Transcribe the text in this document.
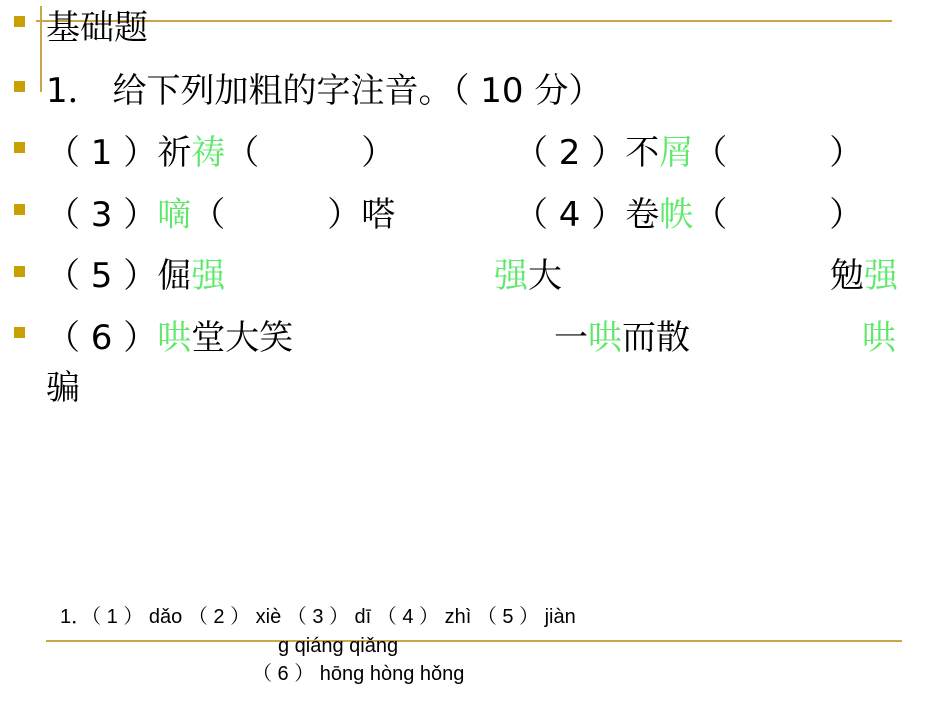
基础题
1． 给下列加粗的字注音。（ 10 分）
（ 1 ）祈祷（　　　）	（ 2 ）不屑（　　　）
（ 3 ）嘀（　　　）嗒	（ 4 ）卷帙（　　　）
（ 5 ）倔强	强大	勉强
（ 6 ）哄堂大笑	一哄而散	哄
骗
1．（ 1 ） dǎo （ 2 ） xiè （ 3 ） dī （ 4 ） zhì （ 5 ） jiàn
g qiáng qiǎng
（ 6 ） hōng hòng hǒng
